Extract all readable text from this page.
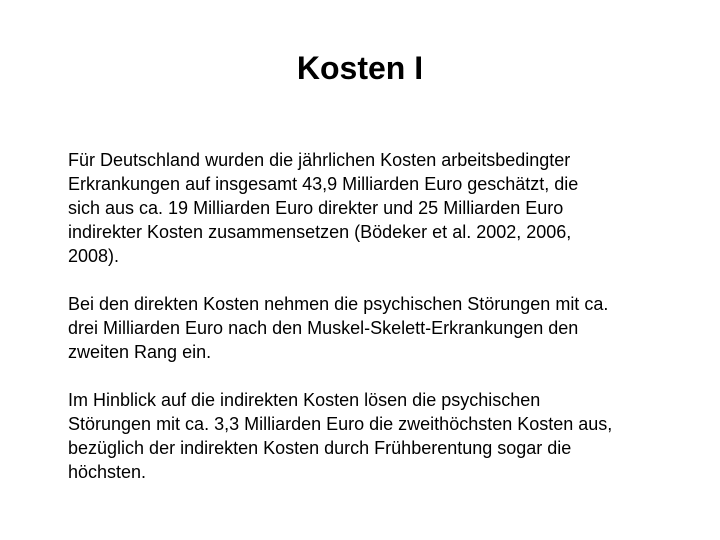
Kosten I

Für Deutschland wurden die jährlichen Kosten arbeitsbedingter
Erkrankungen auf insgesamt 43,9 Milliarden Euro geschätzt, die
sich aus ca. 19 Milliarden Euro direkter und 25 Milliarden Euro
indirekter Kosten zusammensetzen (Bödeker et al. 2002, 2006,
2008).

Bei den direkten Kosten nehmen die psychischen Störungen mit ca.
drei Milliarden Euro nach den Muskel-Skelett-Erkrankungen den
zweiten Rang ein.

Im Hinblick auf die indirekten Kosten lösen die psychischen
Störungen mit ca. 3,3 Milliarden Euro die zweithöchsten Kosten aus,
bezüglich der indirekten Kosten durch Frühberentung sogar die
höchsten.
